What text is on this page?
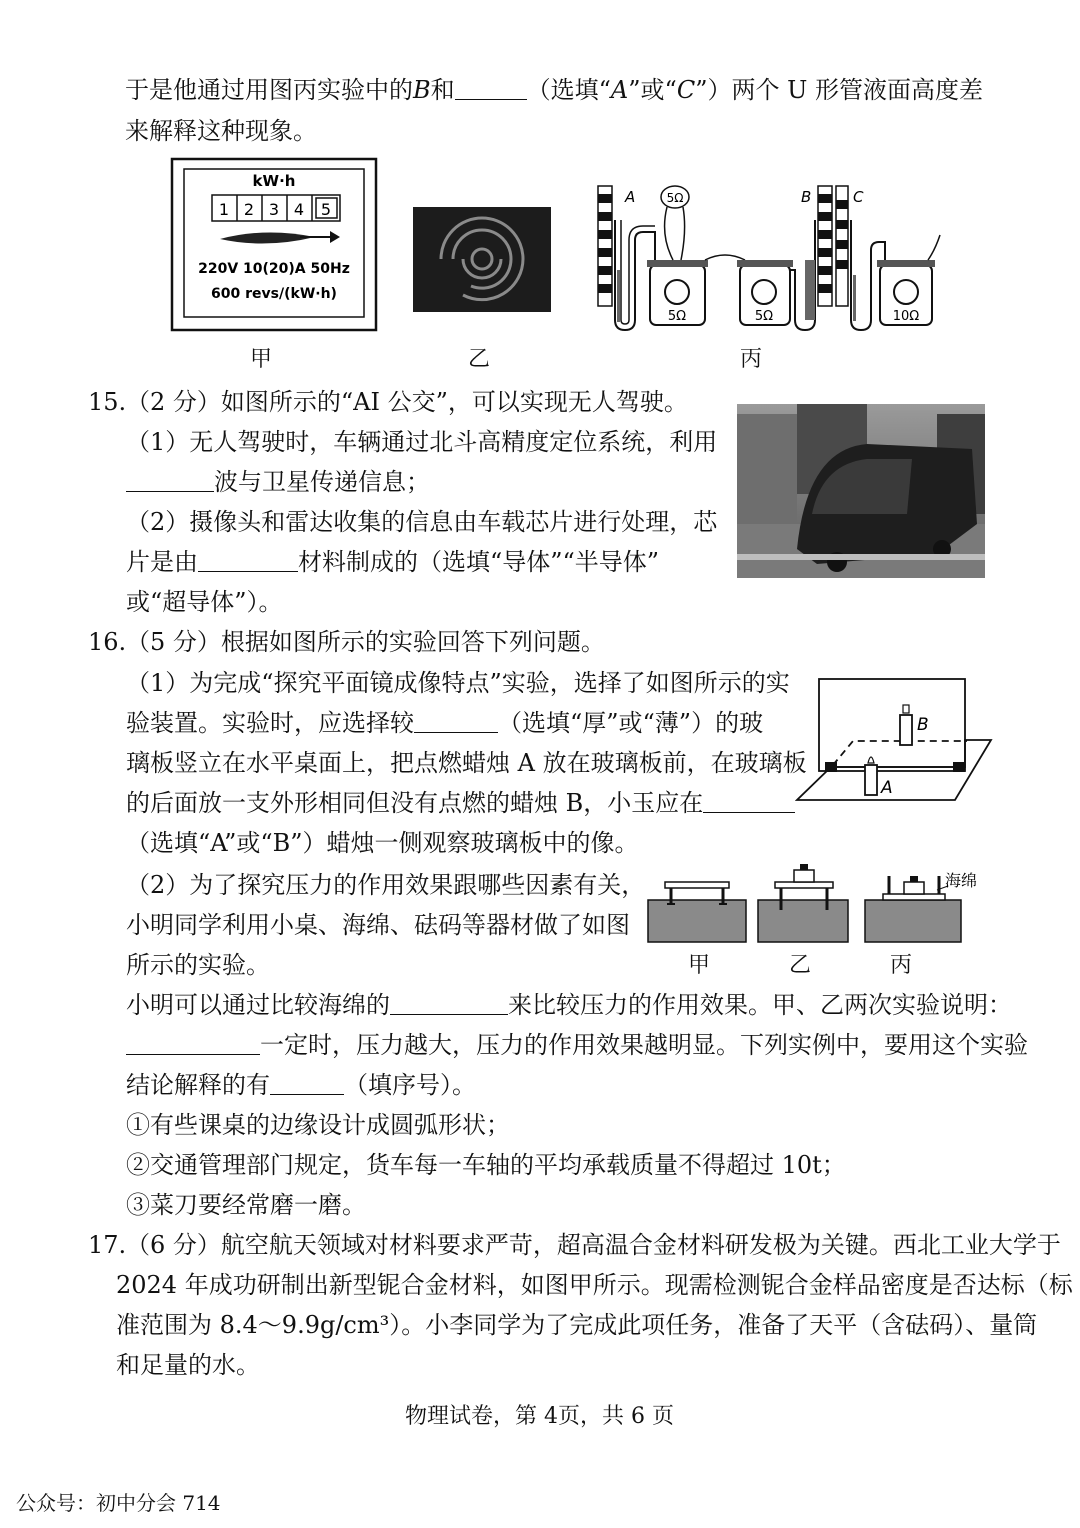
于是他通过用图丙实验中的B和	（选填“A”或“C”）两个 U 形管液面高度差
来解释这种现象。
kW·h
1 2 3 4 5
220V 10(20)A 50Hz
600 revs/(kW·h)
A
5Ω
5Ω
5Ω
B	C
10Ω
甲	乙	丙
15. （2 分）如图所示的“AI 公交”，可以实现无人驾驶。
（1）无人驾驶时，车辆通过北斗高精度定位系统，利用
波与卫星传递信息；
（2）摄像头和雷达收集的信息由车载芯片进行处理，芯
片是由	材料制成的（选填“导体”“半导体”
或“超导体”）。
16. （5 分）根据如图所示的实验回答下列问题。
（1）为完成“探究平面镜成像特点”实验，选择了如图所示的实
验装置。实验时，应选择较	（选填“厚”或“薄”）的玻
璃板竖立在水平桌面上，把点燃蜡烛 A 放在玻璃板前，在玻璃板
的后面放一支外形相同但没有点燃的蜡烛 B，小玉应在
（选填“A”或“B”）蜡烛一侧观察玻璃板中的像。
B
A
（2）为了探究压力的作用效果跟哪些因素有关，
小明同学利用小桌、海绵、砝码等器材做了如图
所示的实验。
海绵
甲	乙	丙
小明可以通过比较海绵的	来比较压力的作用效果。甲、乙两次实验说明：
一定时，压力越大，压力的作用效果越明显。下列实例中，要用这个实验
结论解释的有	（填序号）。
①有些课桌的边缘设计成圆弧形状；
②交通管理部门规定，货车每一车轴的平均承载质量不得超过 10t；
③菜刀要经常磨一磨。
17. （6 分）航空航天领域对材料要求严苛，超高温合金材料研发极为关键。西北工业大学于
2024 年成功研制出新型铌合金材料，如图甲所示。现需检测铌合金样品密度是否达标（标
准范围为 8.4～9.9g/cm³）。小李同学为了完成此项任务，准备了天平（含砝码）、量筒
和足量的水。
物理试卷，第 4页，共 6 页
公众号：初中分会 714
